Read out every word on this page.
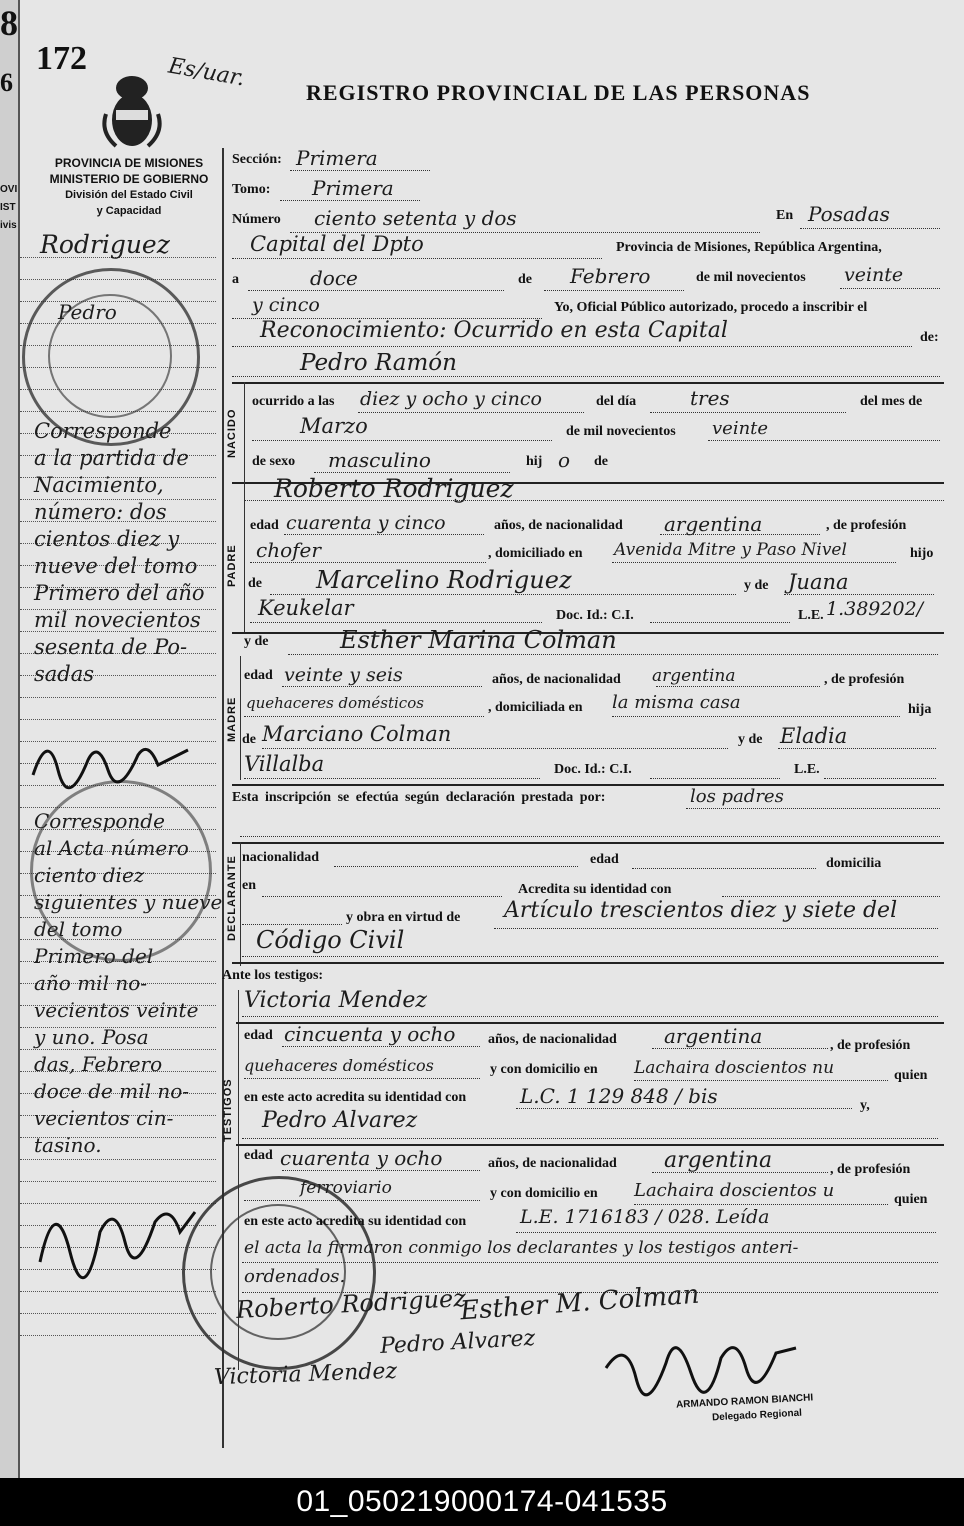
8
6
OVI
IST
ivis
172	Es/uar.
REGISTRO PROVINCIAL DE LAS PERSONAS
PROVINCIA DE MISIONES
MINISTERIO DE GOBIERNO
División del Estado Civil
y Capacidad
Rodriguez
Pedro
Corresponde
a la partida de
Nacimiento,
número: dos
cientos diez y
nueve del tomo
Primero del año
mil novecientos
sesenta de Po-
sadas
Corresponde
al Acta número
ciento diez
siguientes y nueve
del tomo
Primero del
año mil no-
vecientos veinte
y uno. Posa
das, Febrero
doce de mil no-
vecientos cin-
tasino.
Sección: Primera
Tomo: Primera
Número ciento setenta y dos	En Posadas
Capital del Dpto	Provincia de Misiones, República Argentina,
a	doce	de Febrero	de mil novecientos veinte
y cinco	Yo, Oficial Público autorizado, procedo a inscribir el
Reconocimiento: Ocurrido en esta Capital	de:
Pedro Ramón
NACIDO
ocurrido a las diez y ocho y cinco	del día	tres	del mes de
Marzo	de mil novecientos veinte
de sexo masculino	hij o de
Roberto Rodriguez
PADRE
edad cuarenta y cinco	años, de nacionalidad argentina	, de profesión
chofer	, domiciliado en Avenida Mitre y Paso Nivel	hijo
de Marcelino Rodriguez	y de Juana
Keukelar	Doc. Id.: C.I.	L.E. 1.389202/
y de	Esther Marina Colman
MADRE
edad veinte y seis	años, de nacionalidad argentina	, de profesión
quehaceres domésticos	, domiciliada en la misma casa	hija
de Marciano Colman	y de Eladia
Villalba	Doc. Id.: C.I.	L.E.
Esta inscripción se efectúa según declaración prestada por:	los padres
DECLARANTE nacionalidad	edad	domicilia
en	Acredita su identidad con
y obra en virtud de Artículo trescientos diez y siete del
Código Civil
Ante los testigos:
TESTIGOS
Victoria Mendez
edad cincuenta y ocho años, de nacionalidad argentina	, de profesión
quehaceres domésticos	y con domicilio en Lachaira doscientos nu	quien
en este acto acredita su identidad con	L.C. 1 129 848 / bis	y,
Pedro Alvarez
edad cuarenta y ocho	años, de nacionalidad argentina	, de profesión
ferroviario	y con domicilio en Lachaira doscientos u	quien
en este acto acredita su identidad con	L.E. 1716183 / 028. Leída
el acta la firmaron conmigo los declarantes y los testigos anteri-
ordenados.
Roberto Rodriguez
Esther M. Colman
Pedro Alvarez
Victoria Mendez
ARMANDO RAMON BIANCHI
Delegado Regional
01_050219000174-041535
